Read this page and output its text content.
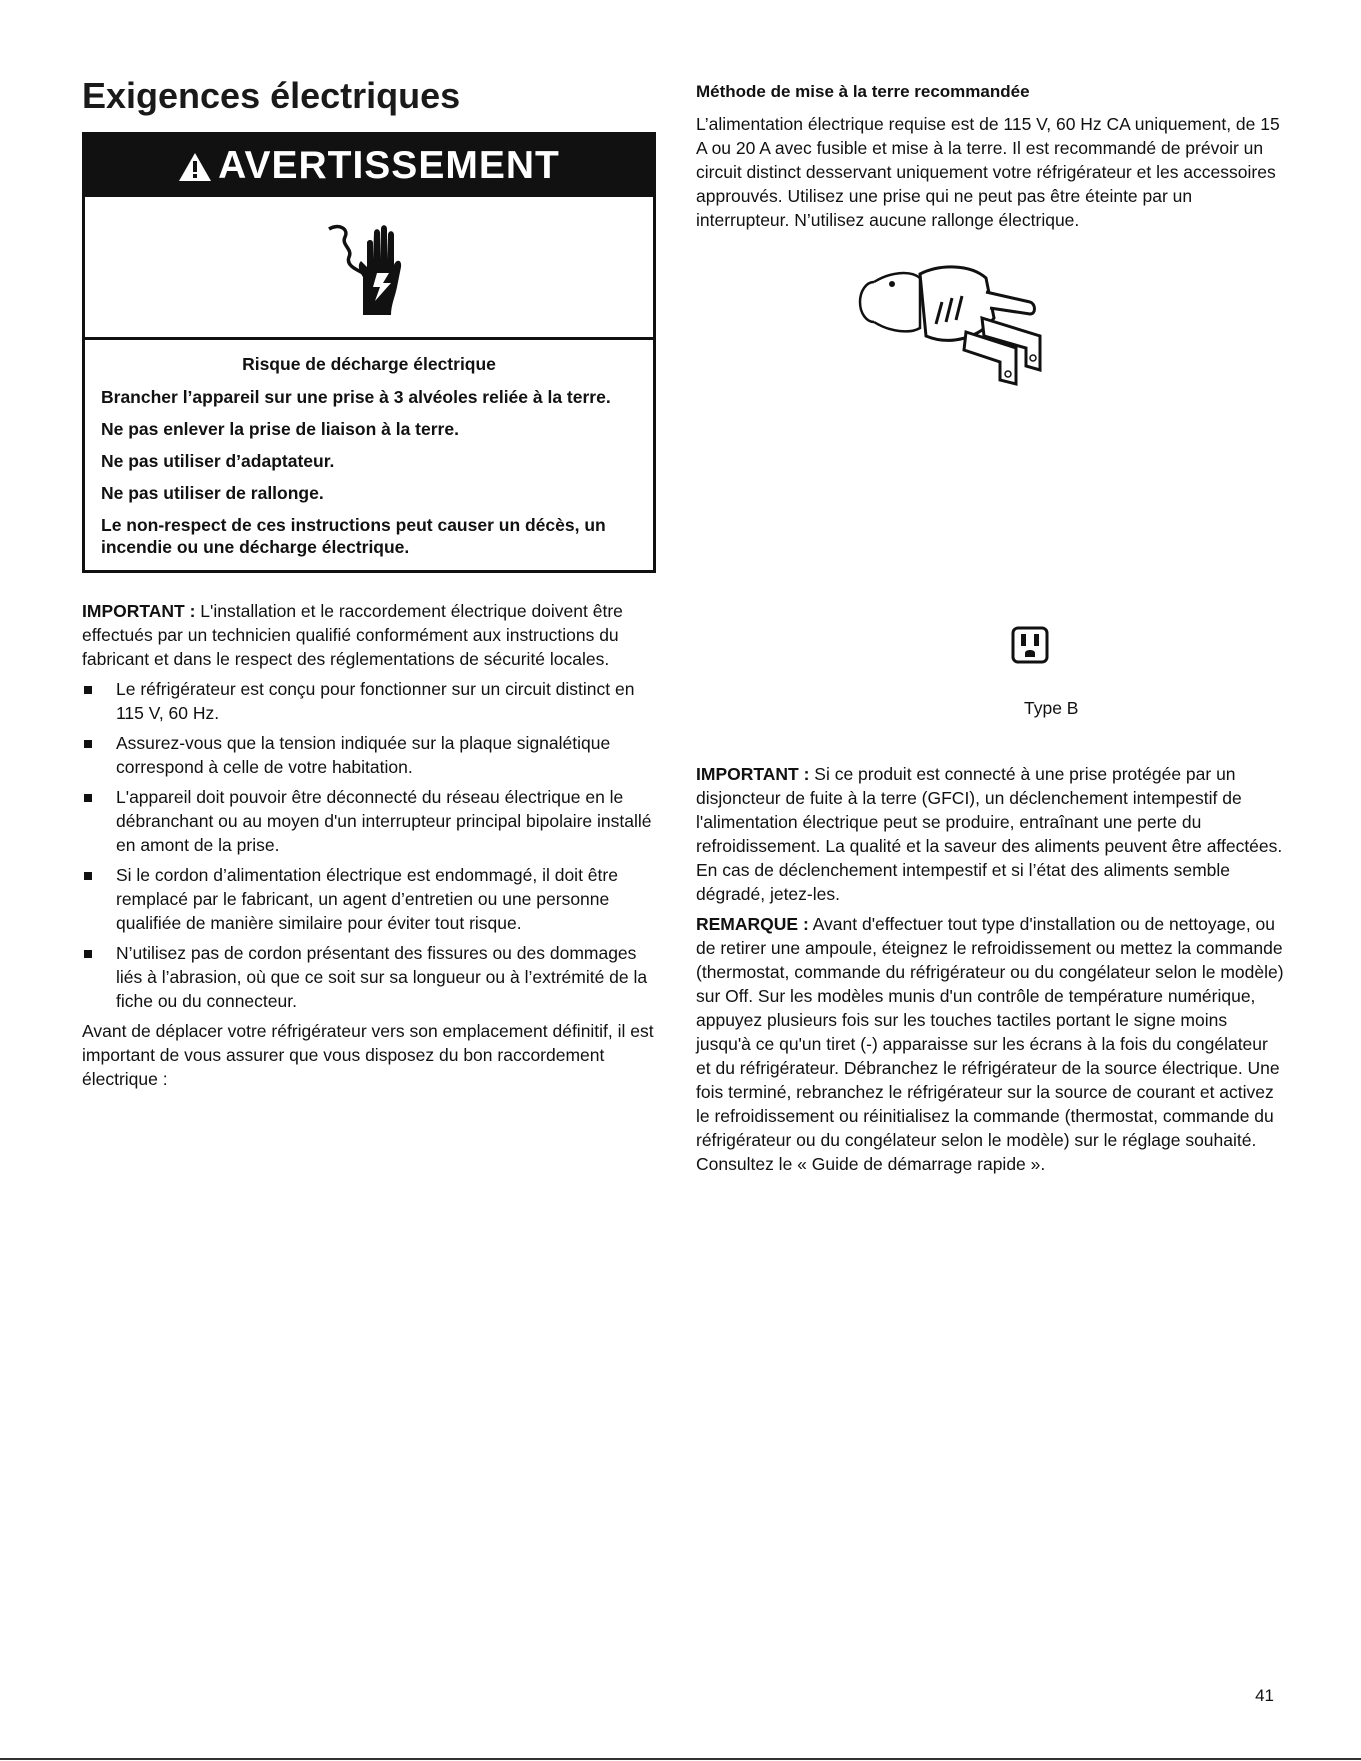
Exigences électriques
AVERTISSEMENT

Risque de décharge électrique

Brancher l’appareil sur une prise à 3 alvéoles reliée à la terre.

Ne pas enlever la prise de liaison à la terre.

Ne pas utiliser d’adaptateur.

Ne pas utiliser de rallonge.

Le non-respect de ces instructions peut causer un décès, un incendie ou une décharge électrique.

IMPORTANT : L'installation et le raccordement électrique doivent être effectués par un technicien qualifié conformément aux instructions du fabricant et dans le respect des réglementations de sécurité locales.

Le réfrigérateur est conçu pour fonctionner sur un circuit distinct en 115 V, 60 Hz.
Assurez-vous que la tension indiquée sur la plaque signalétique correspond à celle de votre habitation.
L'appareil doit pouvoir être déconnecté du réseau électrique en le débranchant ou au moyen d'un interrupteur principal bipolaire installé en amont de la prise.
Si le cordon d’alimentation électrique est endommagé, il doit être remplacé par le fabricant, un agent d’entretien ou une personne qualifiée de manière similaire pour éviter tout risque.
N’utilisez pas de cordon présentant des fissures ou des dommages liés à l’abrasion, où que ce soit sur sa longueur ou à l’extrémité de la fiche ou du connecteur.

Avant de déplacer votre réfrigérateur vers son emplacement définitif, il est important de vous assurer que vous disposez du bon raccordement électrique :

Méthode de mise à la terre recommandée

L’alimentation électrique requise est de 115 V, 60 Hz CA uniquement, de 15 A ou 20 A avec fusible et mise à la terre. Il est recommandé de prévoir un circuit distinct desservant uniquement votre réfrigérateur et les accessoires approuvés. Utilisez une prise qui ne peut pas être éteinte par un interrupteur. N’utilisez aucune rallonge électrique.

Type B

IMPORTANT : Si ce produit est connecté à une prise protégée par un disjoncteur de fuite à la terre (GFCI), un déclenchement intempestif de l'alimentation électrique peut se produire, entraînant une perte du refroidissement. La qualité et la saveur des aliments peuvent être affectées. En cas de déclenchement intempestif et si l’état des aliments semble dégradé, jetez-les.

REMARQUE : Avant d'effectuer tout type d'installation ou de nettoyage, ou de retirer une ampoule, éteignez le refroidissement ou mettez la commande (thermostat, commande du réfrigérateur ou du congélateur selon le modèle) sur Off. Sur les modèles munis d'un contrôle de température numérique, appuyez plusieurs fois sur les touches tactiles portant le signe moins jusqu'à ce qu'un tiret (-) apparaisse sur les écrans à la fois du congélateur et du réfrigérateur. Débranchez le réfrigérateur de la source électrique. Une fois terminé, rebranchez le réfrigérateur sur la source de courant et activez le refroidissement ou réinitialisez la commande (thermostat, commande du réfrigérateur ou du congélateur selon le modèle) sur le réglage souhaité. Consultez le « Guide de démarrage rapide ».

41
